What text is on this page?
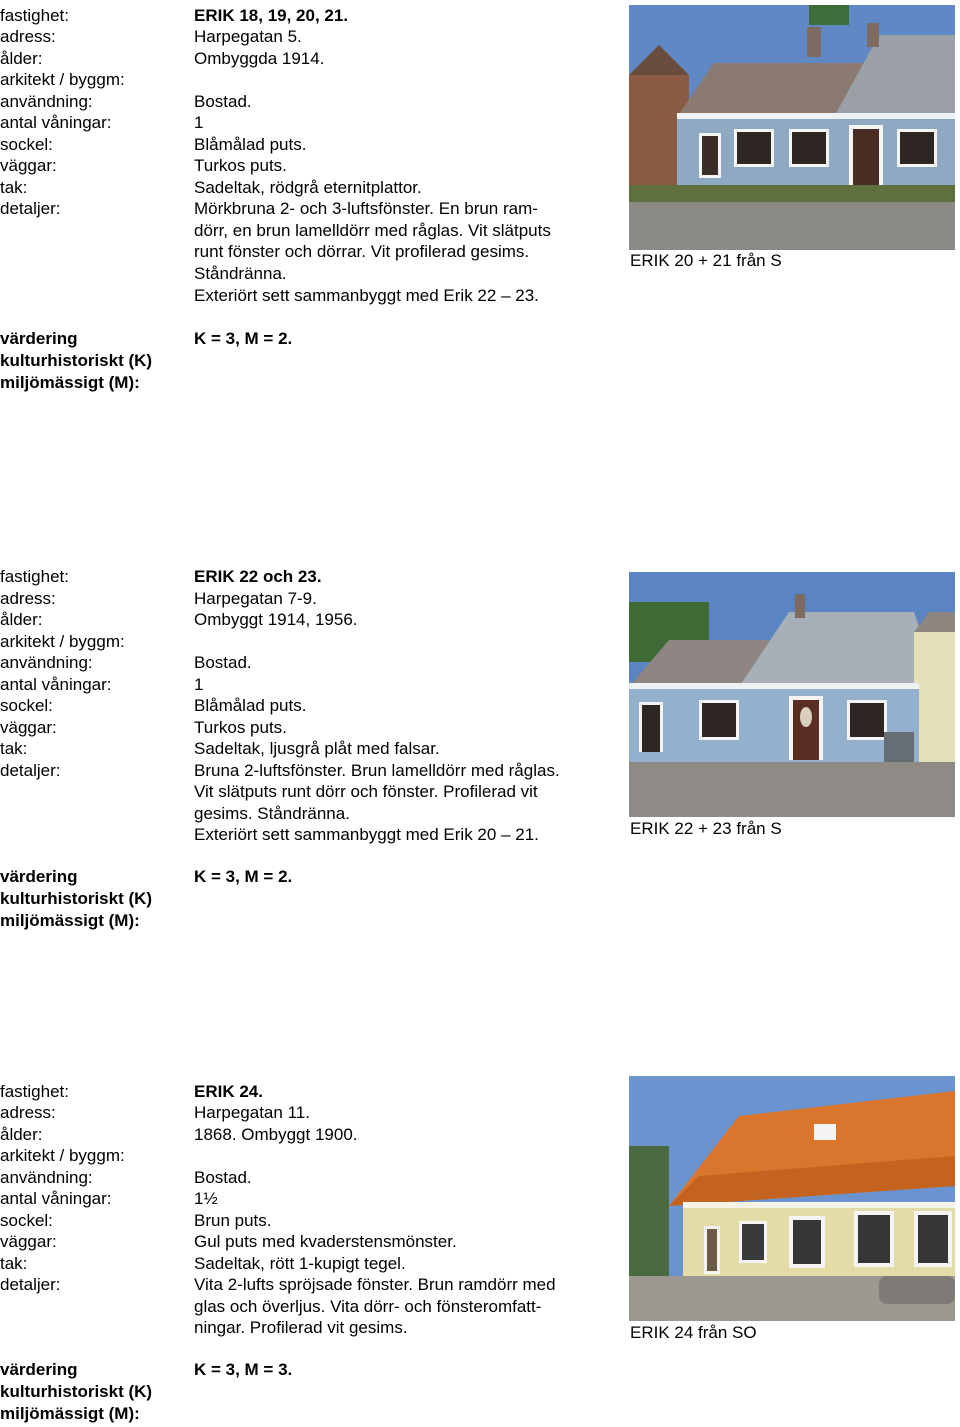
fastighet:	ERIK 18, 19, 20, 21.
adress:	Harpegatan 5.
ålder:	Ombyggda 1914.
arkitekt / byggm:
användning:	Bostad.
antal våningar:	1
sockel:	Blåmålad puts.
väggar:	Turkos puts.
tak:	Sadeltak, rödgrå eternitplattor.
detaljer:	Mörkbruna 2- och 3-luftsfönster. En brun ram-
dörr, en brun lamelldörr med råglas. Vit slätputs
runt fönster och dörrar. Vit profilerad gesims.
Ståndränna.
Exteriört sett sammanbyggt med Erik 22 – 23.
värdering
kulturhistoriskt (K)
miljömässigt (M):
K = 3, M = 2.
ERIK 20 + 21 från S
fastighet:	ERIK 22 och 23.
adress:	Harpegatan 7-9.
ålder:	Ombyggt 1914, 1956.
arkitekt / byggm:
användning:	Bostad.
antal våningar:	1
sockel:	Blåmålad puts.
väggar:	Turkos puts.
tak:	Sadeltak, ljusgrå plåt med falsar.
detaljer:	Bruna 2-luftsfönster. Brun lamelldörr med råglas.
Vit slätputs runt dörr och fönster. Profilerad vit
gesims. Ståndränna.
Exteriört sett sammanbyggt med Erik 20 – 21.
värdering
kulturhistoriskt (K)
miljömässigt (M):
K = 3, M = 2.
ERIK 22 + 23 från S
fastighet:	ERIK 24.
adress:	Harpegatan 11.
ålder:	1868. Ombyggt 1900.
arkitekt / byggm:
användning:	Bostad.
antal våningar:	1½
sockel:	Brun puts.
väggar:	Gul puts med kvaderstensmönster.
tak:	Sadeltak, rött 1-kupigt tegel.
detaljer:	Vita 2-lufts spröjsade fönster. Brun ramdörr med
glas och överljus. Vita dörr- och fönsteromfatt-
ningar. Profilerad vit gesims.
värdering
kulturhistoriskt (K)
miljömässigt (M):
K = 3, M = 3.
ERIK 24 från SO
